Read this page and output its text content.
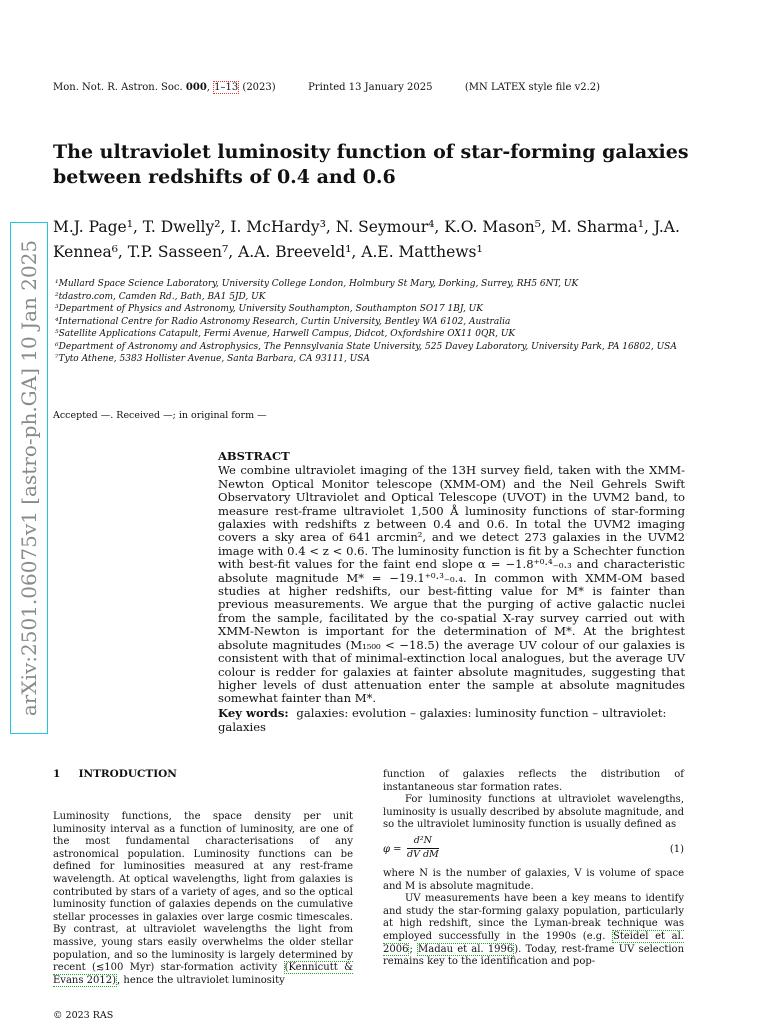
Mon. Not. R. Astron. Soc. 000, 1–13 (2023)	Printed 13 January 2025	(MN LATEX style file v2.2)
The ultraviolet luminosity function of star-forming galaxies between redshifts of 0.4 and 0.6
M.J. Page¹, T. Dwelly², I. McHardy³, N. Seymour⁴, K.O. Mason⁵, M. Sharma¹, J.A. Kennea⁶, T.P. Sasseen⁷, A.A. Breeveld¹, A.E. Matthews¹
¹Mullard Space Science Laboratory, University College London, Holmbury St Mary, Dorking, Surrey, RH5 6NT, UK
²tdastro.com, Camden Rd., Bath, BA1 5JD, UK
³Department of Physics and Astronomy, University Southampton, Southampton SO17 1BJ, UK
⁴International Centre for Radio Astronomy Research, Curtin University, Bentley WA 6102, Australia
⁵Satellite Applications Catapult, Fermi Avenue, Harwell Campus, Didcot, Oxfordshire OX11 0QR, UK
⁶Department of Astronomy and Astrophysics, The Pennsylvania State University, 525 Davey Laboratory, University Park, PA 16802, USA
⁷Tyto Athene, 5383 Hollister Avenue, Santa Barbara, CA 93111, USA
Accepted —. Received —; in original form —
arXiv:2501.06075v1 [astro-ph.GA] 10 Jan 2025	ABSTRACT
We combine ultraviolet imaging of the 13H survey field, taken with the XMM-Newton Optical Monitor telescope (XMM-OM) and the Neil Gehrels Swift Observatory Ultraviolet and Optical Telescope (UVOT) in the UVM2 band, to measure rest-frame ultraviolet 1,500 Å luminosity functions of star-forming galaxies with redshifts z between 0.4 and 0.6. In total the UVM2 imaging covers a sky area of 641 arcmin², and we detect 273 galaxies in the UVM2 image with 0.4 < z < 0.6. The luminosity function is fit by a Schechter function with best-fit values for the faint end slope α = −1.8⁺⁰·⁴₋₀.₃ and characteristic absolute magnitude M* = −19.1⁺⁰·³₋₀.₄. In common with XMM-OM based studies at higher redshifts, our best-fitting value for M* is fainter than previous measurements. We argue that the purging of active galactic nuclei from the sample, facilitated by the co-spatial X-ray survey carried out with XMM-Newton is important for the determination of M*. At the brightest absolute magnitudes (M₁₅₀₀ < −18.5) the average UV colour of our galaxies is consistent with that of minimal-extinction local analogues, but the average UV colour is redder for galaxies at fainter absolute magnitudes, suggesting that higher levels of dust attenuation enter the sample at absolute magnitudes somewhat fainter than M*.
Key words: galaxies: evolution – galaxies: luminosity function – ultraviolet: galaxies
1 INTRODUCTION
Luminosity functions, the space density per unit luminosity interval as a function of luminosity, are one of the most fundamental characterisations of any astronomical population. Luminosity functions can be defined for luminosities measured at any rest-frame wavelength. At optical wavelengths, light from galaxies is contributed by stars of a variety of ages, and so the optical luminosity function of galaxies depends on the cumulative stellar processes in galaxies over large cosmic timescales. By contrast, at ultraviolet wavelengths the light from massive, young stars easily overwhelms the older stellar population, and so the luminosity is largely determined by recent (≲100 Myr) star-formation activity (Kennicutt & Evans 2012), hence the ultraviolet luminosity
function of galaxies reflects the distribution of instantaneous star formation rates.
For luminosity functions at ultraviolet wavelengths, luminosity is usually described by absolute magnitude, and so the ultraviolet luminosity function is usually defined as
$\varphi = \frac{\text{d²N}}{\text{dV dM}}$	(1)
where N is the number of galaxies, V is volume of space and M is absolute magnitude.
UV measurements have been a key means to identify and study the star-forming galaxy population, particularly at high redshift, since the Lyman-break technique was employed successfully in the 1990s (e.g. Steidel et al. 2006; Madau et al. 1996). Today, rest-frame UV selection remains key to the identification and pop-
© 2023 RAS
